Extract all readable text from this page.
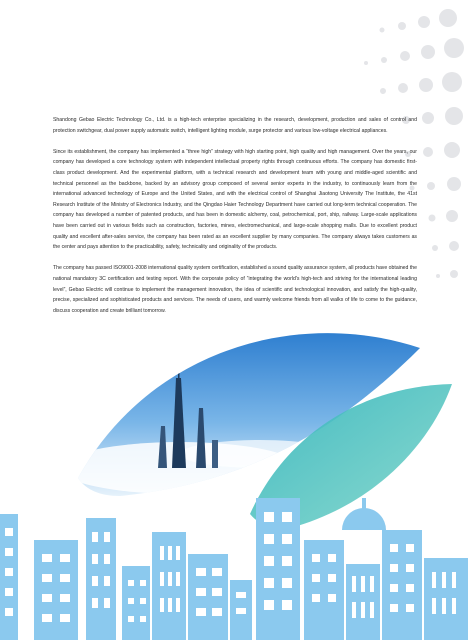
Shandong Gebao Electric Technology Co., Ltd. is a high-tech enterprise specializing in the research, development, production and sales of control and protection switchgear, dual power supply automatic switch, intelligent lighting module, surge protector and various low-voltage electrical appliances.

Since its establishment, the company has implemented a “three high” strategy with high starting point, high quality and high management. Over the years, our company has developed a core technology system with independent intellectual property rights through continuous efforts. The company has domestic first-class product development. And the experimental platform, with a technical research and development team with young and middle-aged scientific and technical personnel as the backbone, backed by an advisory group composed of several senior experts in the industry, to continuously learn from the international advanced technology of Europe and the United States, and with the electrical control of Shanghai Jiaotong University The Institute, the 41st Research Institute of the Ministry of Electronics Industry, and the Qingdao Haier Technology Department have carried out long-term technical cooperation. The company has developed a number of patented products, and has been in domestic alchemy, coal, petrochemical, port, ship, railway. Large-scale applications have been carried out in various fields such as construction, factories, mines, electromechanical, and large-scale shopping malls. Due to excellent product quality and excellent after-sales service, the company has been rated as an excellent supplier by many companies. The company always takes customers as the center and pays attention to the practicability, safety, technicality and originality of the products.

The company has passed ISO9001-2008 international quality system certification, established a sound quality assurance system, all products have obtained the national mandatory 3C certification and testing report. With the corporate policy of “integrating the world's high-tech and striving for the international leading level”, Gebao Electric will continue to implement the management innovation, the idea of scientific and technological innovation, and satisfy the high-quality, precise, specialized and sophisticated products and services. The needs of users, and warmly welcome friends from all walks of life to come to the guidance, discuss cooperation and create brilliant tomorrow.
